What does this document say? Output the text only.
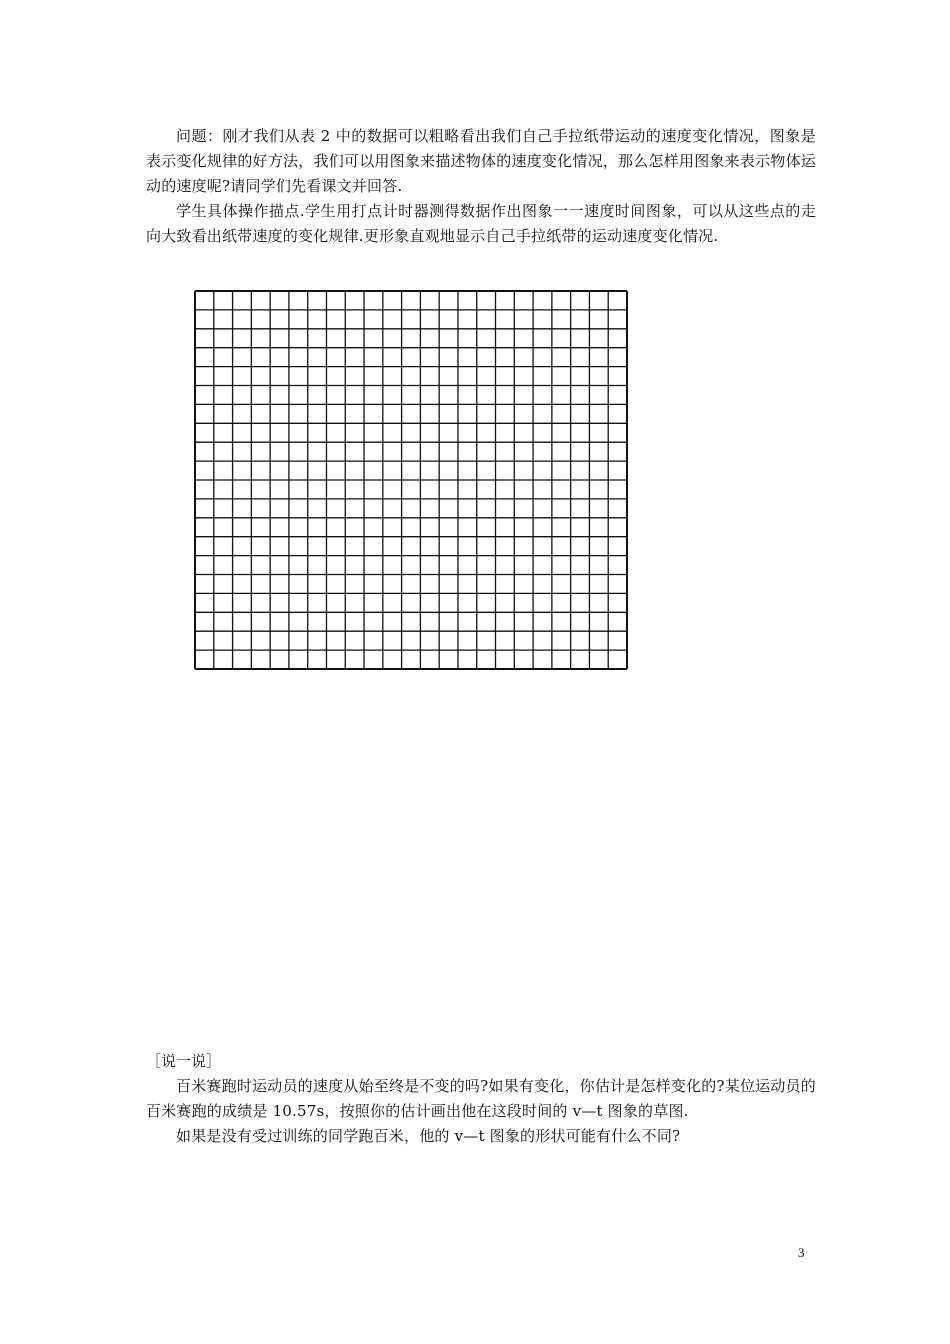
问题：刚才我们从表 2 中的数据可以粗略看出我们自己手拉纸带运动的速度变化情况，图象是表示变化规律的好方法，我们可以用图象来描述物体的速度变化情况，那么怎样用图象来表示物体运动的速度呢?请同学们先看课文并回答.

学生具体操作描点.学生用打点计时器测得数据作出图象一一速度时间图象，可以从这些点的走向大致看出纸带速度的变化规律.更形象直观地显示自己手拉纸带的运动速度变化情况.

［说一说］

百米赛跑时运动员的速度从始至终是不变的吗?如果有变化，你估计是怎样变化的?某位运动员的百米赛跑的成绩是 10.57s，按照你的估计画出他在这段时间的 v—t 图象的草图.

如果是没有受过训练的同学跑百米，他的 v—t 图象的形状可能有什么不同?

3
